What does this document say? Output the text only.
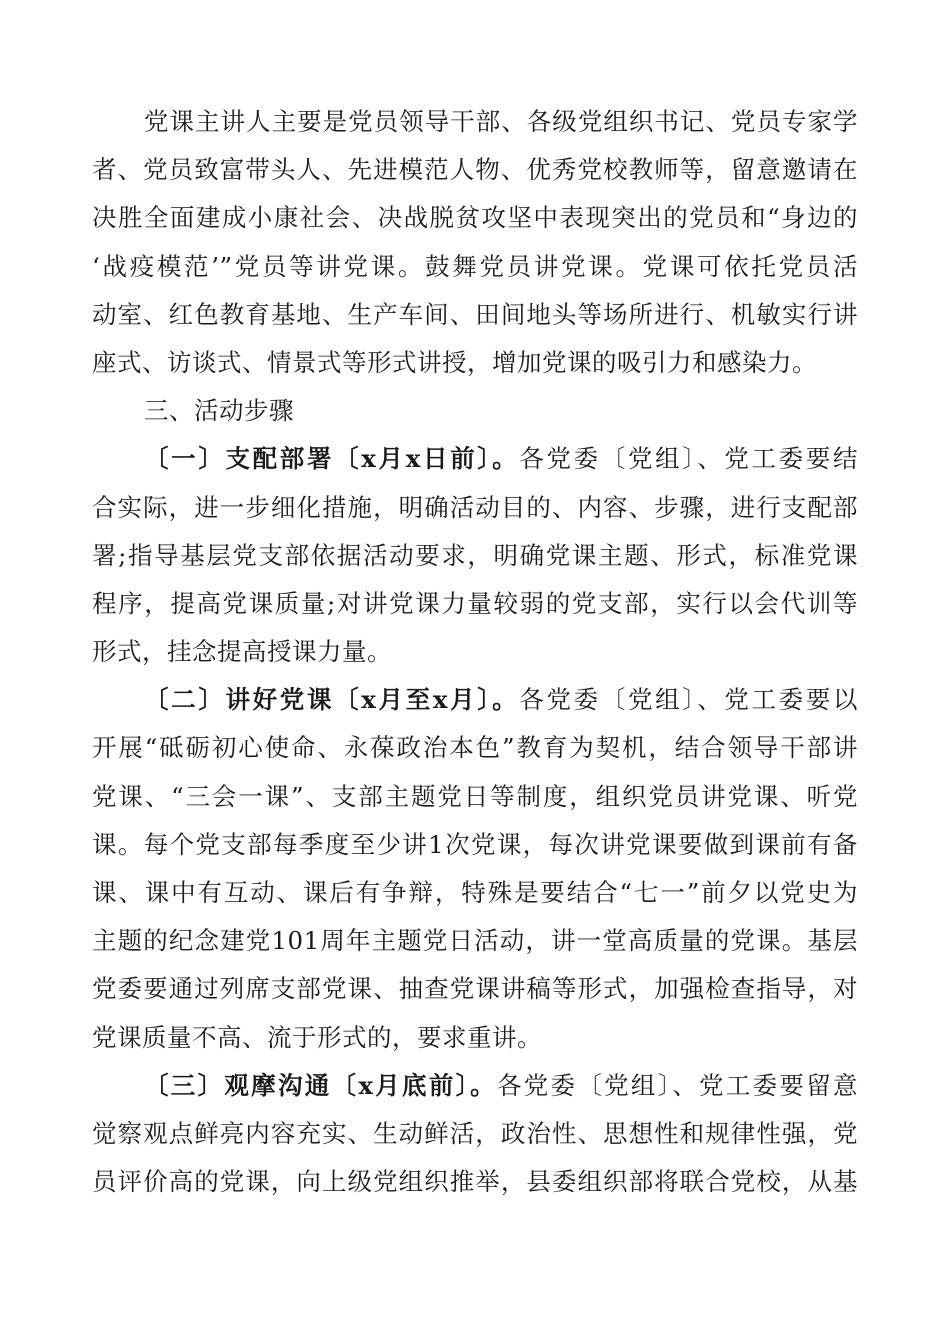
党课主讲人主要是党员领导干部、各级党组织书记、党员专家学
者、党员致富带头人、先进模范人物、优秀党校教师等，留意邀请在
决胜全面建成小康社会、决战脱贫攻坚中表现突出的党员和“身边的
‘战疫模范’”党员等讲党课。鼓舞党员讲党课。党课可依托党员活
动室、红色教育基地、生产车间、田间地头等场所进行、机敏实行讲
座式、访谈式、情景式等形式讲授，增加党课的吸引力和感染力。
三、活动步骤
〔一〕支配部署〔x月x日前〕。各党委〔党组〕、党工委要结
合实际，进一步细化措施，明确活动目的、内容、步骤，进行支配部
署;指导基层党支部依据活动要求，明确党课主题、形式，标准党课
程序，提高党课质量;对讲党课力量较弱的党支部，实行以会代训等
形式，挂念提高授课力量。
〔二〕讲好党课〔x月至x月〕。各党委〔党组〕、党工委要以
开展“砥砺初心使命、永葆政治本色”教育为契机，结合领导干部讲
党课、“三会一课”、支部主题党日等制度，组织党员讲党课、听党
课。每个党支部每季度至少讲1次党课，每次讲党课要做到课前有备
课、课中有互动、课后有争辩，特殊是要结合“七一”前夕以党史为
主题的纪念建党101周年主题党日活动，讲一堂高质量的党课。基层
党委要通过列席支部党课、抽查党课讲稿等形式，加强检查指导，对
党课质量不高、流于形式的，要求重讲。
〔三〕观摩沟通〔x月底前〕。各党委〔党组〕、党工委要留意
觉察观点鲜亮内容充实、生动鲜活，政治性、思想性和规律性强，党
员评价高的党课，向上级党组织推举，县委组织部将联合党校，从基
